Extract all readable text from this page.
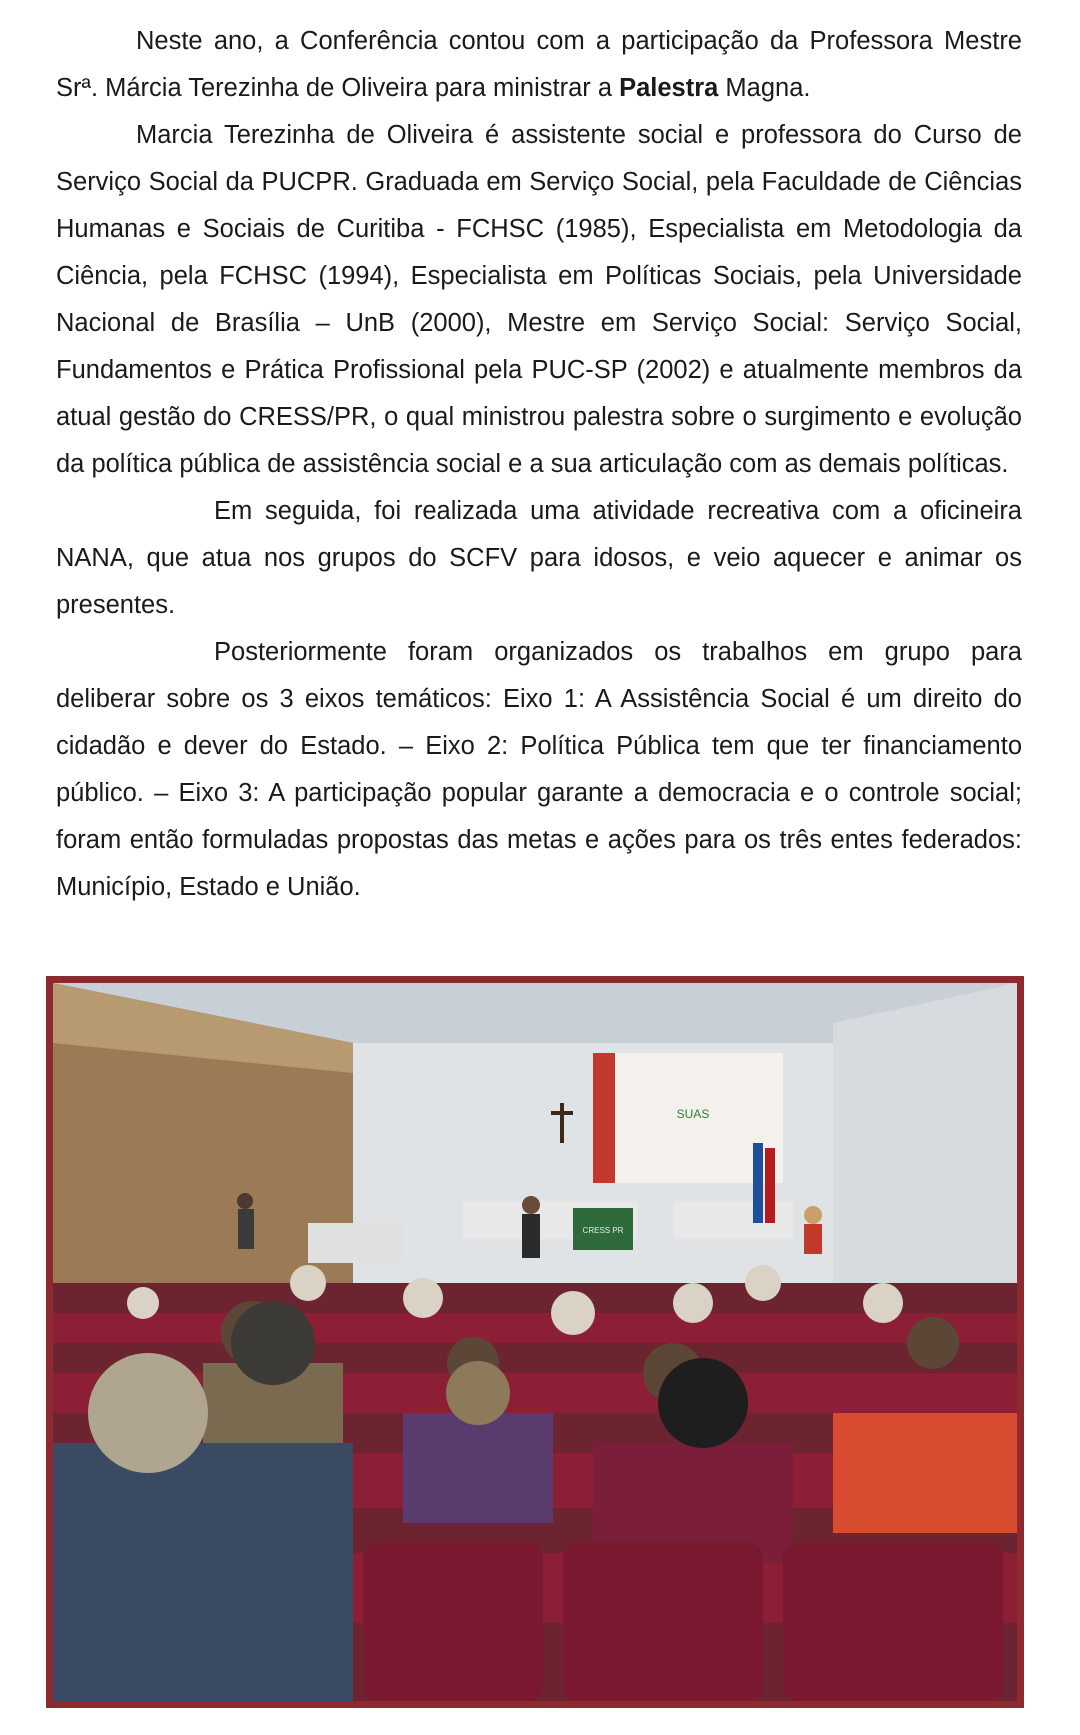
Neste ano, a Conferência contou com a participação da Professora Mestre Srª. Márcia Terezinha de Oliveira para ministrar a Palestra Magna.

Marcia Terezinha de Oliveira é assistente social e professora do Curso de Serviço Social da PUCPR. Graduada em Serviço Social, pela Faculdade de Ciências Humanas e Sociais de Curitiba - FCHSC (1985), Especialista em Metodologia da Ciência, pela FCHSC (1994), Especialista em Políticas Sociais, pela Universidade Nacional de Brasília – UnB (2000), Mestre em Serviço Social: Serviço Social, Fundamentos e Prática Profissional pela PUC-SP (2002) e atualmente membros da atual gestão do CRESS/PR, o qual ministrou palestra sobre o surgimento e evolução da política pública de assistência social e a sua articulação com as demais políticas.

Em seguida, foi realizada uma atividade recreativa com a oficineira NANA, que atua nos grupos do SCFV para idosos, e veio aquecer e animar os presentes.

Posteriormente foram organizados os trabalhos em grupo para deliberar sobre os 3 eixos temáticos: Eixo 1: A Assistência Social é um direito do cidadão e dever do Estado. – Eixo 2: Política Pública tem que ter financiamento público. – Eixo 3: A participação popular garante a democracia e o controle social; foram então formuladas propostas das metas e ações para os três entes federados: Município, Estado e União.

SUAS
CRESS PR
